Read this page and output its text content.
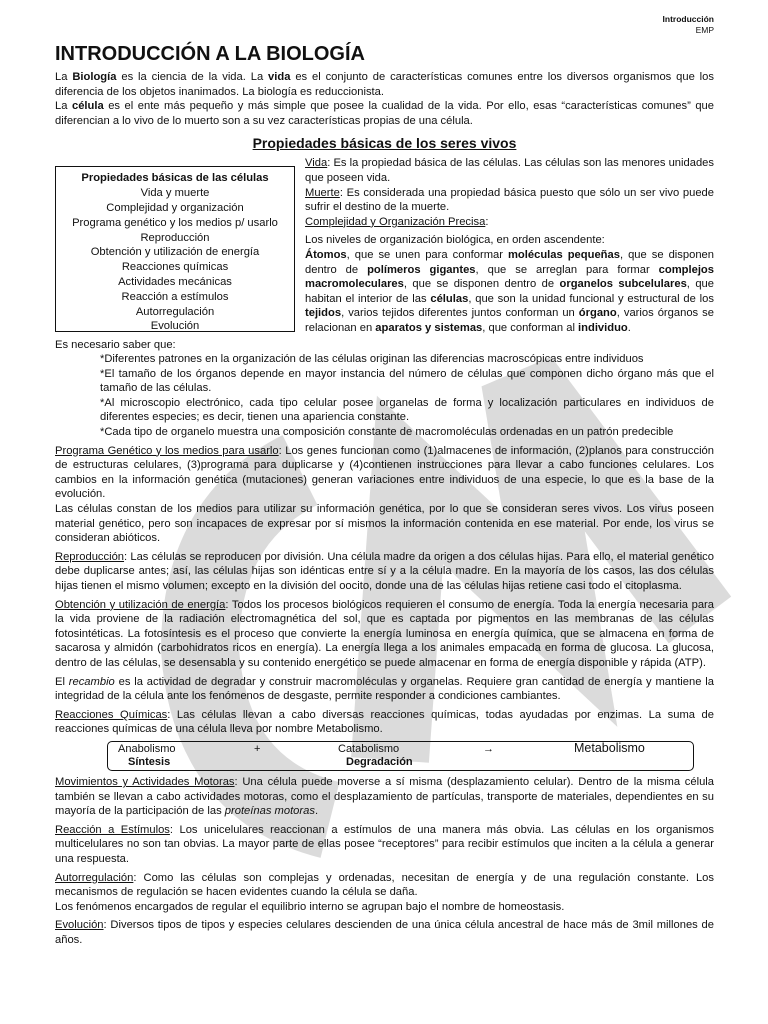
Introducción
EMP
INTRODUCCIÓN A LA BIOLOGÍA

La Biología es la ciencia de la vida. La vida es el conjunto de características comunes entre los diversos organismos que los diferencia de los objetos inanimados. La biología es reduccionista.

La célula es el ente más pequeño y más simple que posee la cualidad de la vida. Por ello, esas “características comunes” que diferencian a lo vivo de lo muerto son a su vez características propias de una célula.

Propiedades básicas de los seres vivos
Propiedades básicas de las células
Vida y muerte
Complejidad y organización
Programa genético y los medios p/ usarlo
Reproducción
Obtención y utilización de energía
Reacciones químicas
Actividades mecánicas
Reacción a estímulos
Autorregulación
Evolución

Vida: Es la propiedad básica de las células. Las células son las menores unidades que poseen vida.

Muerte: Es considerada una propiedad básica puesto que sólo un ser vivo puede sufrir el destino de la muerte.

Complejidad y Organización Precisa:

Los niveles de organización biológica, en orden ascendente:

Átomos, que se unen para conformar moléculas pequeñas, que se disponen dentro de polímeros gigantes, que se arreglan para formar complejos macromoleculares, que se disponen dentro de organelos subcelulares, que habitan el interior de las células, que son la unidad funcional y estructural de los tejidos, varios tejidos diferentes juntos conforman un órgano, varios órganos se relacionan en aparatos y sistemas, que conforman al individuo.

Es necesario saber que:

*Diferentes patrones en la organización de las células originan las diferencias macroscópicas entre individuos

*El tamaño de los órganos depende en mayor instancia del número de células que componen dicho órgano más que el tamaño de las células.

*Al microscopio electrónico, cada tipo celular posee organelas de forma y localización particulares en individuos de diferentes especies; es decir, tienen una apariencia constante.

*Cada tipo de organelo muestra una composición constante de macromoléculas ordenadas en un patrón predecible

Programa Genético y los medios para usarlo: Los genes funcionan como (1)almacenes de información, (2)planos para construcción de estructuras celulares, (3)programa para duplicarse y (4)contienen instrucciones para llevar a cabo funciones celulares. Los cambios en la información genética (mutaciones) generan variaciones entre individuos de una especie, lo que es la base de la evolución.

Las células constan de los medios para utilizar su información genética, por lo que se consideran seres vivos. Los virus poseen material genético, pero son incapaces de expresar por sí mismos la información contenida en ese material. Por ende, los virus se consideran abióticos.

Reproducción: Las células se reproducen por división. Una célula madre da origen a dos células hijas. Para ello, el material genético debe duplicarse antes; así, las células hijas son idénticas entre sí y a la célula madre. En la mayoría de los casos, las dos células hijas tienen el mismo volumen; excepto en la división del oocito, donde una de las células hijas retiene casi todo el citoplasma.

Obtención y utilización de energía: Todos los procesos biológicos requieren el consumo de energía. Toda la energía necesaria para la vida proviene de la radiación electromagnética del sol, que es captada por pigmentos en las membranas de las células fotosintéticas. La fotosíntesis es el proceso que convierte la energía luminosa en energía química, que se almacena en forma de sacarosa y almidón (carbohidratos ricos en energía). La energía llega a los animales empacada en forma de glucosa. La glucosa, dentro de las células, se desensabla y su contenido energético se puede almacenar en forma de energía disponible y rápida (ATP).

El recambio es la actividad de degradar y construir macromoléculas y organelas. Requiere gran cantidad de energía y mantiene la integridad de la célula ante los fenómenos de desgaste, permite responder a condiciones cambiantes.

Reacciones Químicas: Las células llevan a cabo diversas reacciones químicas, todas ayudadas por enzimas. La suma de reacciones químicas de una célula lleva por nombre Metabolismo.

Anabolismo	+	Catabolismo	→	Metabolismo
Síntesis	Degradación

Movimientos y Actividades Motoras: Una célula puede moverse a sí misma (desplazamiento celular). Dentro de la misma célula también se llevan a cabo actividades motoras, como el desplazamiento de partículas, transporte de materiales, dependientes en su mayoría de la participación de las proteínas motoras.

Reacción a Estímulos: Los unicelulares reaccionan a estímulos de una manera más obvia. Las células en los organismos multicelulares no son tan obvias. La mayor parte de ellas posee “receptores” para recibir estímulos que inciten a la célula a generar una respuesta.

Autorregulación: Como las células son complejas y ordenadas, necesitan de energía y de una regulación constante. Los mecanismos de regulación se hacen evidentes cuando la célula se daña.

Los fenómenos encargados de regular el equilibrio interno se agrupan bajo el nombre de homeostasis.

Evolución: Diversos tipos de tipos y especies celulares descienden de una única célula ancestral de hace más de 3mil millones de años.
